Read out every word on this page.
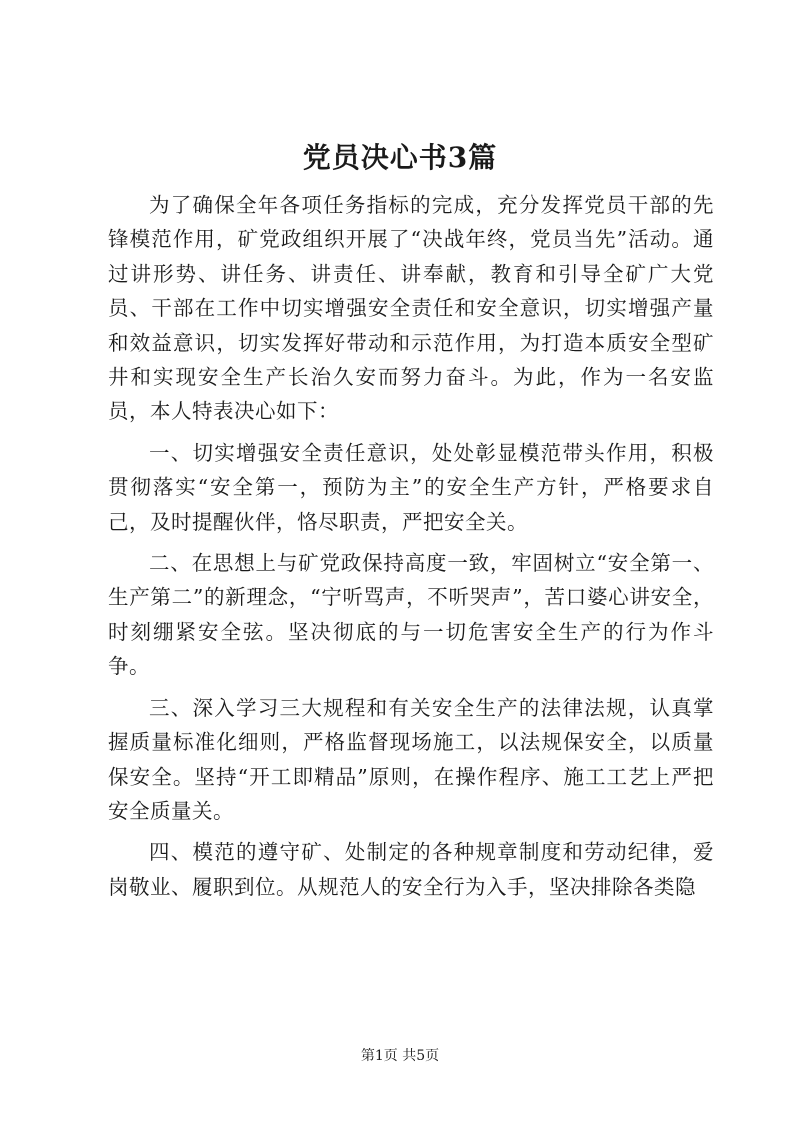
党员决心书3篇

为了确保全年各项任务指标的完成，充分发挥党员干部的先锋模范作用，矿党政组织开展了“决战年终，党员当先”活动。通过讲形势、讲任务、讲责任、讲奉献，教育和引导全矿广大党员、干部在工作中切实增强安全责任和安全意识，切实增强产量和效益意识，切实发挥好带动和示范作用，为打造本质安全型矿井和实现安全生产长治久安而努力奋斗。为此，作为一名安监员，本人特表决心如下：

一、切实增强安全责任意识，处处彰显模范带头作用，积极贯彻落实“安全第一，预防为主”的安全生产方针，严格要求自己，及时提醒伙伴，恪尽职责，严把安全关。

二、在思想上与矿党政保持高度一致，牢固树立“安全第一、生产第二”的新理念，“宁听骂声，不听哭声”，苦口婆心讲安全，时刻绷紧安全弦。坚决彻底的与一切危害安全生产的行为作斗争。

三、深入学习三大规程和有关安全生产的法律法规，认真掌握质量标准化细则，严格监督现场施工，以法规保安全，以质量保安全。坚持“开工即精品”原则，在操作程序、施工工艺上严把安全质量关。

四、模范的遵守矿、处制定的各种规章制度和劳动纪律，爱岗敬业、履职到位。从规范人的安全行为入手，坚决排除各类隐

第1页 共5页
